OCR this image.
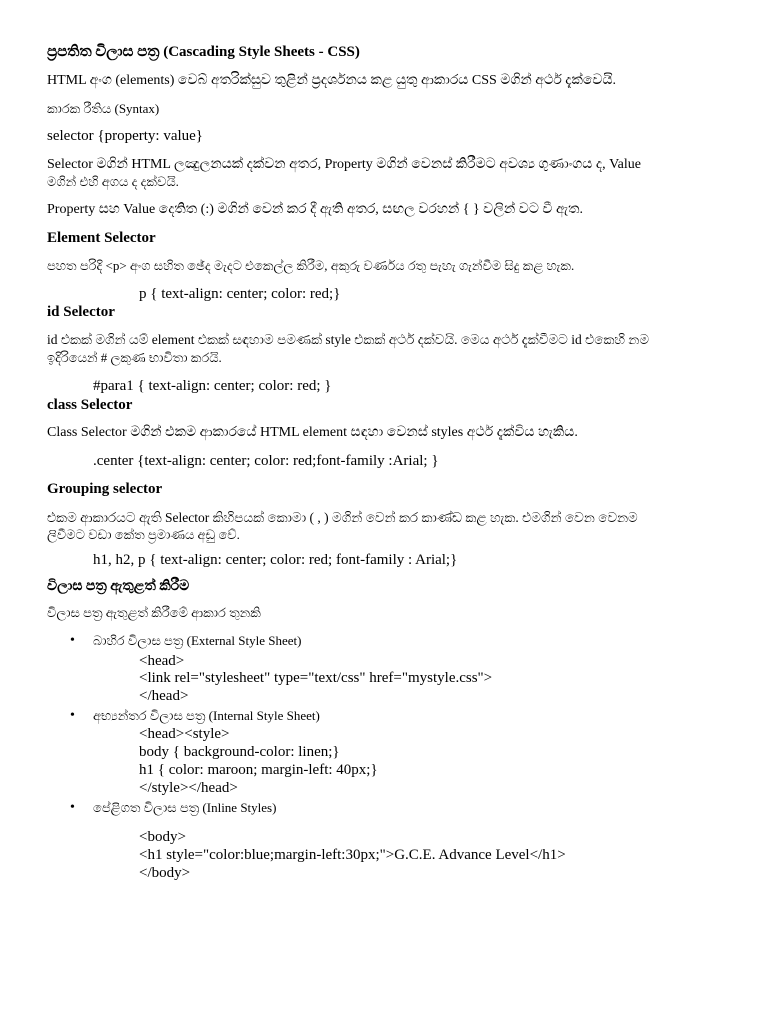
ප්‍රපතිත විලාස පත්‍ර (Cascading Style Sheets - CSS)
HTML අංග (elements) වෙබ් අතරික්සුව තුළින් ප්‍රදර්ශනය කළ යුතු ආකාරය CSS මගින් අර්ථ දැක්වෙයි.
කාරක රීතිය (Syntax)
selector {property: value}
Selector මගින් HTML ලඤුලනයක් දක්වන අතර, Property මගින් වෙනස් කිරීමට අවශ්‍ය ගුණාංගය ද, Value
මගින් එහි අගය ද දක්වයි.
Property සහ Value දෙතිත (:) මගින් වෙන් කර දී ඇති අතර, සඟල වරහන් { } වලින් වට වී ඇත.
Element Selector
පහත පරිදි <p> අංග සහිත ඡේද මැදට එකෙල්ල කිරීම, අකුරු වර්ණය රතු පැහැ ගැන්වීම සිදු කළ හැක.
p { text-align: center; color: red;}
id Selector
id එකක් මගින් යම් element එකක් සඳහාම පමණක් style එකක් අර්ථ දක්වයි. මෙය අර්ථ දැක්වීමට id එකෙහි නම
ඉදිරියෙන් # ලකුණ භාවිතා කරයි.
#para1 { text-align: center; color: red; }
class Selector
Class Selector මගින් එකම ආකාරයේ HTML element සඳහා වෙනස් styles අර්ථ දැක්විය හැකිය.
.center {text-align: center; color: red;font-family :Arial; }
Grouping selector
එකම ආකාරයට ඇති Selector කිහිපයක් කොමා ( , ) මගින් වෙන් කර කාණ්ඩ කළ හැක. එමගින් වෙන වෙනම
ලිවීමට වඩා කේත ප්‍රමාණය අඩු වේ.
h1, h2, p { text-align: center; color: red; font-family : Arial;}
විලාස පත්‍ර ඇතුළත් කිරීම
විලාස පත්‍ර ඇතුළත් කිරීමේ ආකාර තුනකි
• බාහිර විලාස පත්‍ර (External Style Sheet)
<head>
<link rel="stylesheet" type="text/css" href="mystyle.css">
</head>
• අභ්‍යන්තර විලාස පත්‍ර (Internal Style Sheet)
<head><style>
body { background-color: linen;}
h1 { color: maroon; margin-left: 40px;}
</style></head>
• පේළිගත විලාස පත්‍ර (Inline Styles)
<body>
<h1 style="color:blue;margin-left:30px;">G.C.E. Advance Level</h1>
</body>
